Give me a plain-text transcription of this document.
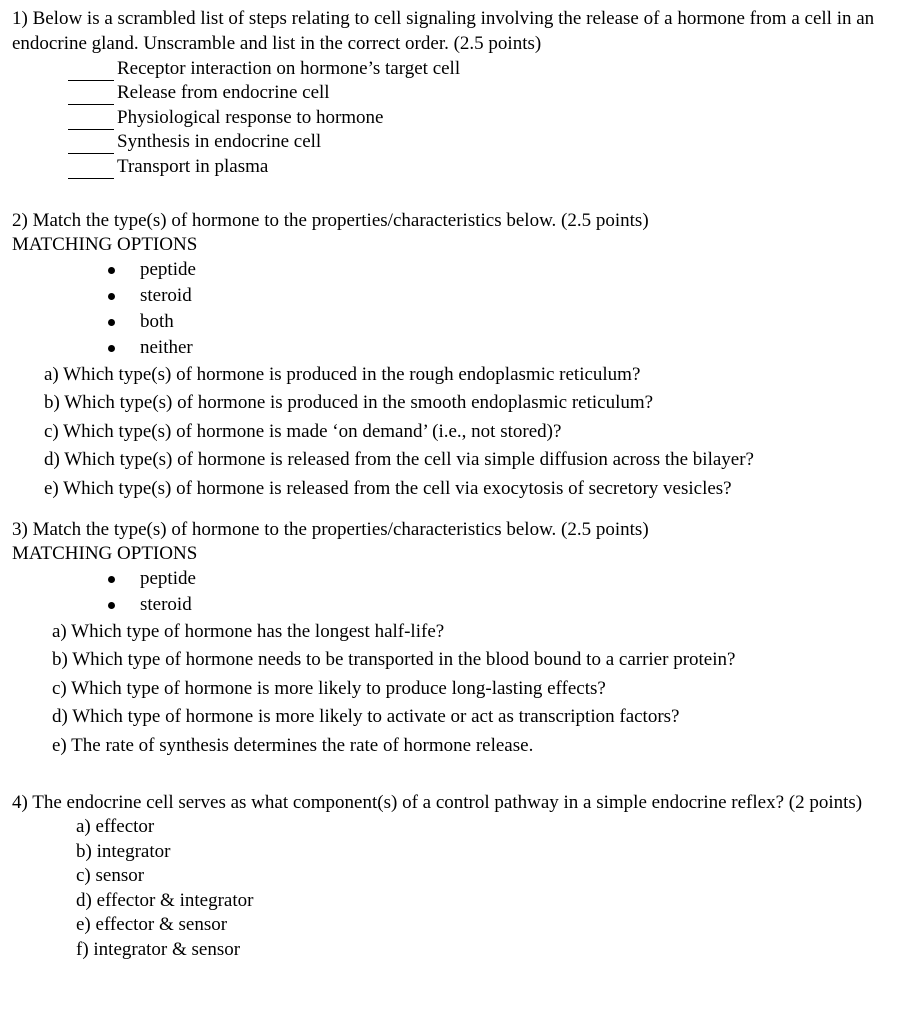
1) Below is a scrambled list of steps relating to cell signaling involving the release of a hormone from a cell in an endocrine gland. Unscramble and list in the correct order. (2.5 points)
Receptor interaction on hormone’s target cell
Release from endocrine cell
Physiological response to hormone
Synthesis in endocrine cell
Transport in plasma
2) Match the type(s) of hormone to the properties/characteristics below. (2.5 points)
MATCHING OPTIONS
peptide
steroid
both
neither
a) Which type(s) of hormone is produced in the rough endoplasmic reticulum?
b) Which type(s) of hormone is produced in the smooth endoplasmic reticulum?
c) Which type(s) of hormone is made ‘on demand’ (i.e., not stored)?
d) Which type(s) of hormone is released from the cell via simple diffusion across the bilayer?
e) Which type(s) of hormone is released from the cell via exocytosis of secretory vesicles?
3) Match the type(s) of hormone to the properties/characteristics below. (2.5 points)
MATCHING OPTIONS
peptide
steroid
a) Which type of hormone has the longest half-life?
b) Which type of hormone needs to be transported in the blood bound to a carrier protein?
c) Which type of hormone is more likely to produce long-lasting effects?
d) Which type of hormone is more likely to activate or act as transcription factors?
e) The rate of synthesis determines the rate of hormone release.
4) The endocrine cell serves as what component(s) of a control pathway in a simple endocrine reflex? (2 points)
a) effector
b) integrator
c) sensor
d) effector & integrator
e) effector & sensor
f) integrator & sensor
